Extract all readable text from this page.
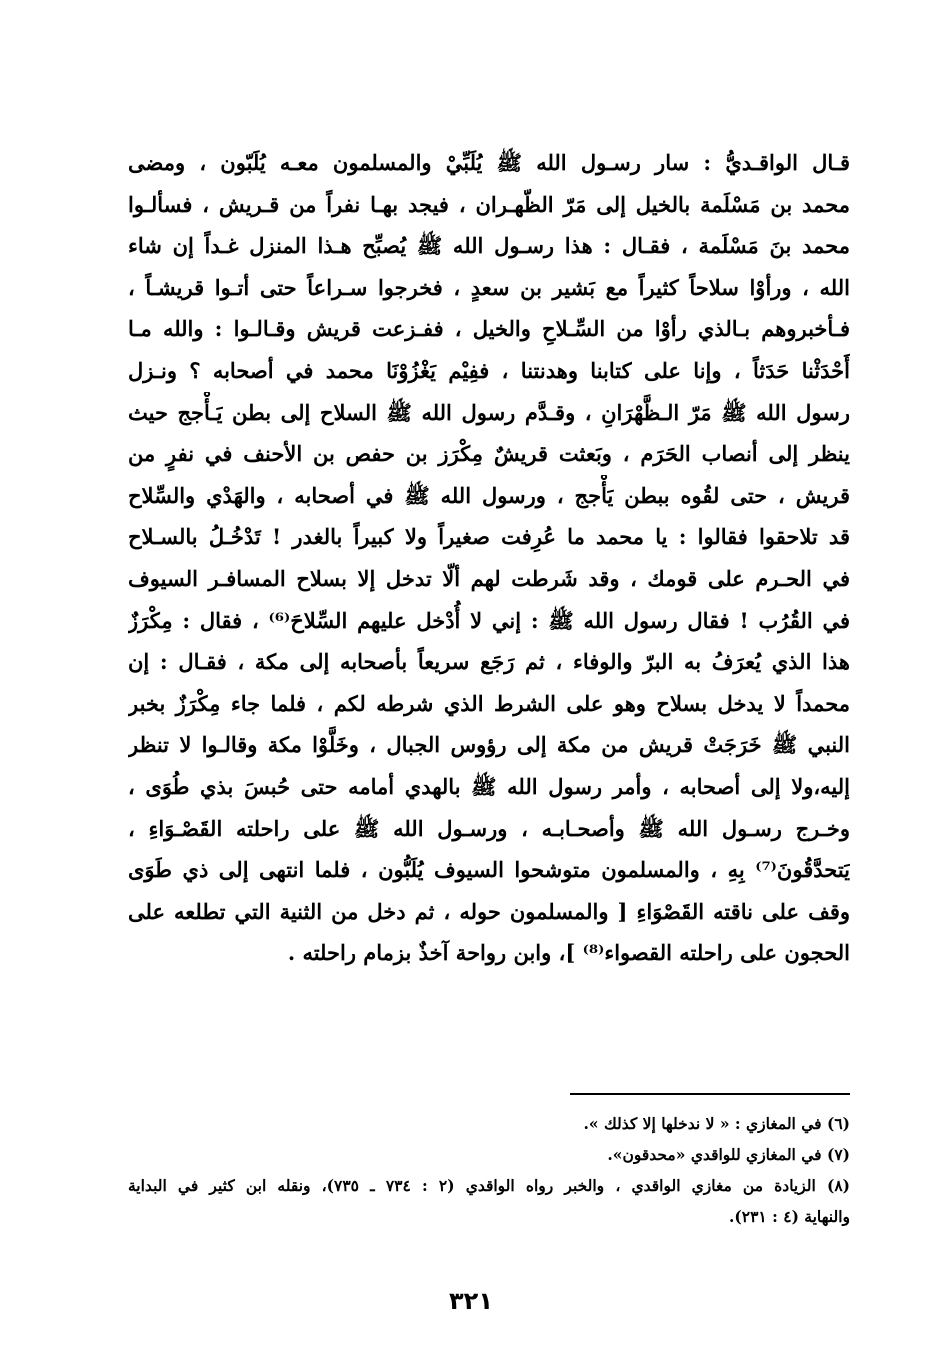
قـال الواقـديُّ : سار رسـول الله ﷺ يُلَبِّيْ والمسلمون معـه يُلَبّون ، ومضى
محمد بن مَسْلَمة بالخيل إلى مَرّ الظّهـران ، فيجد بهـا نفراً من قـريش ، فسألـوا
محمد بنَ مَسْلَمة ، فقـال : هذا رسـول الله ﷺ يُصبِّح هـذا المنزل غـداً إن شاء
الله ، ورأوْا سلاحاً كثيراً مع بَشير بن سعدٍ ، فخرجوا سـراعاً حتى أتـوا قريشـاً ،
فـأخبروهم بـالذي رأوْا من السِّـلاحِ والخيل ، ففـزعت قريش وقـالـوا : والله مـا
أَحْدَثْنا حَدَثاً ، وإنا على كتابنا وهدنتنا ، ففِيْم يَغْزُوْنَا محمد في أصحابه ؟ ونـزل
رسول الله ﷺ مَرّ الـظَّهْرَانِ ، وقـدَّم رسول الله ﷺ السلاح إلى بطن يَـأْجج حيث
ينظر إلى أنصاب الحَرَم ، وبَعثت قريشٌ مِكْرَز بن حفص بن الأحنف في نفرٍ من
قريش ، حتى لقُوه ببطن يَأْجج ، ورسول الله ﷺ في أصحابه ، والهَدْي والسِّلاح
قد تلاحقوا فقالوا : يا محمد ما عُرِفت صغيراً ولا كبيراً بالغدر ! تَدْخُـلُ بالسـلاح
في الحـرم على قومك ، وقد شَرطت لهم ألّا تدخل إلا بسلاح المسافـر السيوف
في القُرُب ! فقال رسول الله ﷺ : إني لا أُدْخل عليهم السِّلاحَ⁽⁶⁾ ، فقال : مِكْرَزٌ
هذا الذي يُعرَفُ به البرّ والوفاء ، ثم رَجَع سريعاً بأصحابه إلى مكة ، فقـال : إن
محمداً لا يدخل بسلاح وهو على الشرط الذي شرطه لكم ، فلما جاء مِكْرَزٌ بخبر
النبي ﷺ خَرَجَتْ قريش من مكة إلى رؤوس الجبال ، وخَلَّوْا مكة وقالـوا لا تنظر
إليه،ولا إلى أصحابه ، وأمر رسول الله ﷺ بالهدي أمامه حتى حُبسَ بذي طُوَى ،
وخـرج رسـول الله ﷺ وأصحـابـه ، ورسـول الله ﷺ على راحلته القَصْـوَاءِ ،
يَتحدَّقُونَ⁽⁷⁾ بِهِ ، والمسلمون متوشحوا السيوف يُلَبُّون ، فلما انتهى إلى ذي طَوَى
وقف على ناقته القَصْوَاءِ [ والمسلمون حوله ، ثم دخل من الثنية التي تطلعه على
الحجون على راحلته القصواء⁽⁸⁾ ]، وابن رواحة آخذٌ بزمام راحلته .
(٦) في المغازي : « لا ندخلها إلا كذلك ».
(٧) في المغازي للواقدي «محدقون».
(٨) الزيادة من مغازي الواقدي ، والخبر رواه الواقدي (٢ : ٧٣٤ ـ ٧٣٥)، ونقله ابن كثير في البداية
والنهاية (٤ : ٢٣١).
٣٢١
